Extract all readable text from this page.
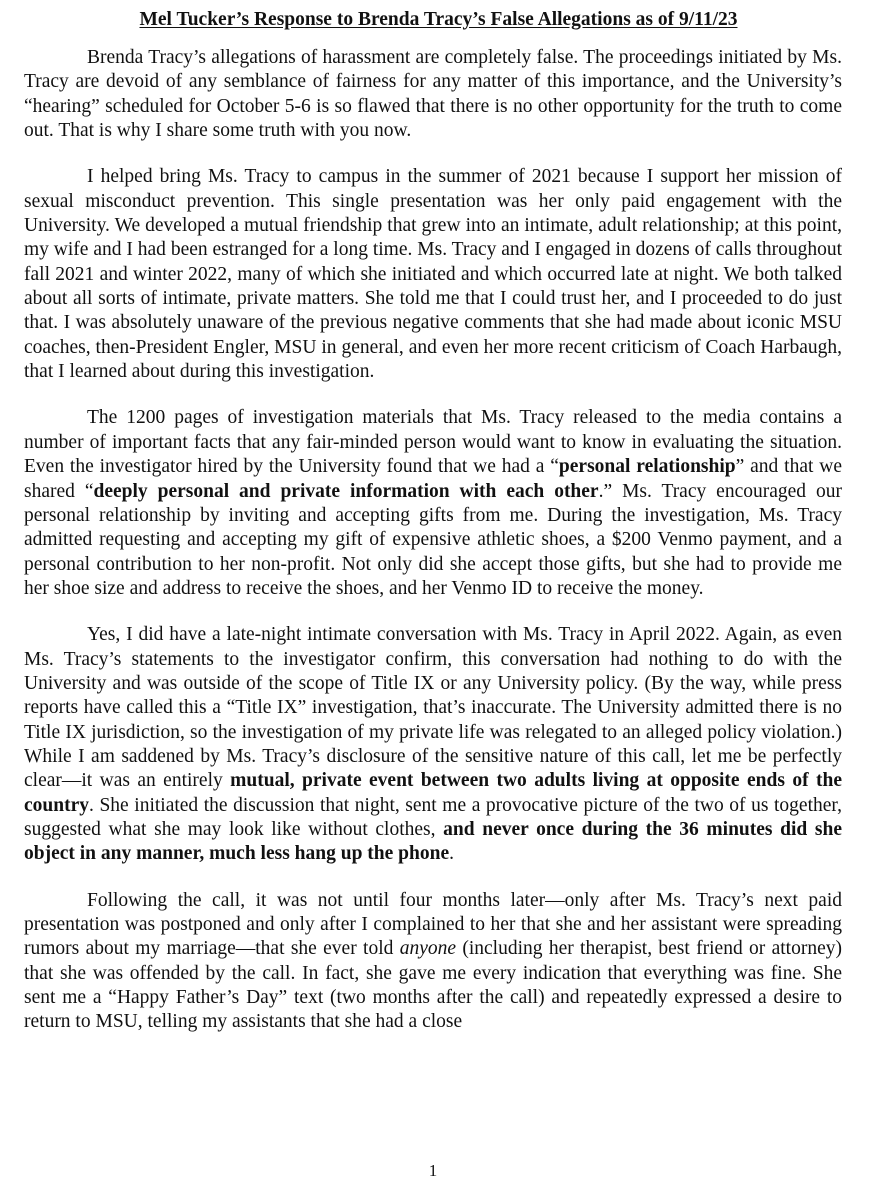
Mel Tucker’s Response to Brenda Tracy’s False Allegations as of 9/11/23

Brenda Tracy’s allegations of harassment are completely false. The proceedings initiated by Ms. Tracy are devoid of any semblance of fairness for any matter of this importance, and the University’s “hearing” scheduled for October 5-6 is so flawed that there is no other opportunity for the truth to come out. That is why I share some truth with you now.

I helped bring Ms. Tracy to campus in the summer of 2021 because I support her mission of sexual misconduct prevention. This single presentation was her only paid engagement with the University. We developed a mutual friendship that grew into an intimate, adult relationship; at this point, my wife and I had been estranged for a long time. Ms. Tracy and I engaged in dozens of calls throughout fall 2021 and winter 2022, many of which she initiated and which occurred late at night. We both talked about all sorts of intimate, private matters. She told me that I could trust her, and I proceeded to do just that. I was absolutely unaware of the previous negative comments that she had made about iconic MSU coaches, then-President Engler, MSU in general, and even her more recent criticism of Coach Harbaugh, that I learned about during this investigation.

The 1200 pages of investigation materials that Ms. Tracy released to the media contains a number of important facts that any fair-minded person would want to know in evaluating the situation. Even the investigator hired by the University found that we had a “personal relationship” and that we shared “deeply personal and private information with each other.” Ms. Tracy encouraged our personal relationship by inviting and accepting gifts from me. During the investigation, Ms. Tracy admitted requesting and accepting my gift of expensive athletic shoes, a $200 Venmo payment, and a personal contribution to her non-profit. Not only did she accept those gifts, but she had to provide me her shoe size and address to receive the shoes, and her Venmo ID to receive the money.

Yes, I did have a late-night intimate conversation with Ms. Tracy in April 2022. Again, as even Ms. Tracy’s statements to the investigator confirm, this conversation had nothing to do with the University and was outside of the scope of Title IX or any University policy. (By the way, while press reports have called this a “Title IX” investigation, that’s inaccurate. The University admitted there is no Title IX jurisdiction, so the investigation of my private life was relegated to an alleged policy violation.) While I am saddened by Ms. Tracy’s disclosure of the sensitive nature of this call, let me be perfectly clear—it was an entirely mutual, private event between two adults living at opposite ends of the country. She initiated the discussion that night, sent me a provocative picture of the two of us together, suggested what she may look like without clothes, and never once during the 36 minutes did she object in any manner, much less hang up the phone.

Following the call, it was not until four months later—only after Ms. Tracy’s next paid presentation was postponed and only after I complained to her that she and her assistant were spreading rumors about my marriage—that she ever told anyone (including her therapist, best friend or attorney) that she was offended by the call. In fact, she gave me every indication that everything was fine. She sent me a “Happy Father’s Day” text (two months after the call) and repeatedly expressed a desire to return to MSU, telling my assistants that she had a close

1
